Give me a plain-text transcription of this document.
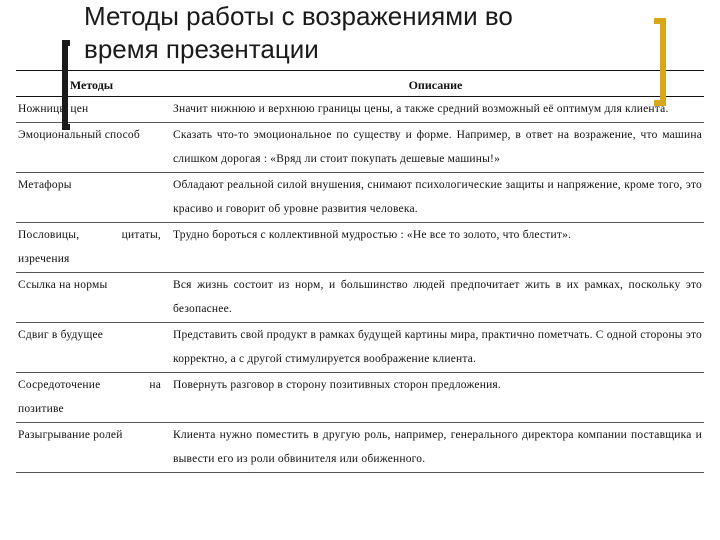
Методы работы с возражениями во время презентации
Методы	Описание
Ножницы цен	Значит нижнюю и верхнюю границы цены, а также средний возможный её оптимум для клиента.
Эмоциональный способ	Сказать что-то эмоциональное по существу и форме. Например, в ответ на возражение, что машина слишком дорогая : «Вряд ли стоит покупать дешевые машины!»
Метафоры	Обладают реальной силой внушения, снимают психологические защиты и напряжение, кроме того, это красиво и говорит об уровне развития человека.
Пословицы, цитаты, изречения	Трудно бороться с коллективной мудростью : «Не все то золото, что блестит».
Ссылка на нормы	Вся жизнь состоит из норм, и большинство людей предпочитает жить в их рамках, поскольку это безопаснее.
Сдвиг в будущее	Представить свой продукт в рамках будущей картины мира, практично пометчать. С одной стороны это корректно, а с другой стимулируется воображение клиента.
Сосредоточение на позитиве	Повернуть разговор в сторону позитивных сторон предложения.
Разыгрывание ролей	Клиента нужно поместить в другую роль, например, генерального директора компании поставщика и вывести его из роли обвинителя или обиженного.
